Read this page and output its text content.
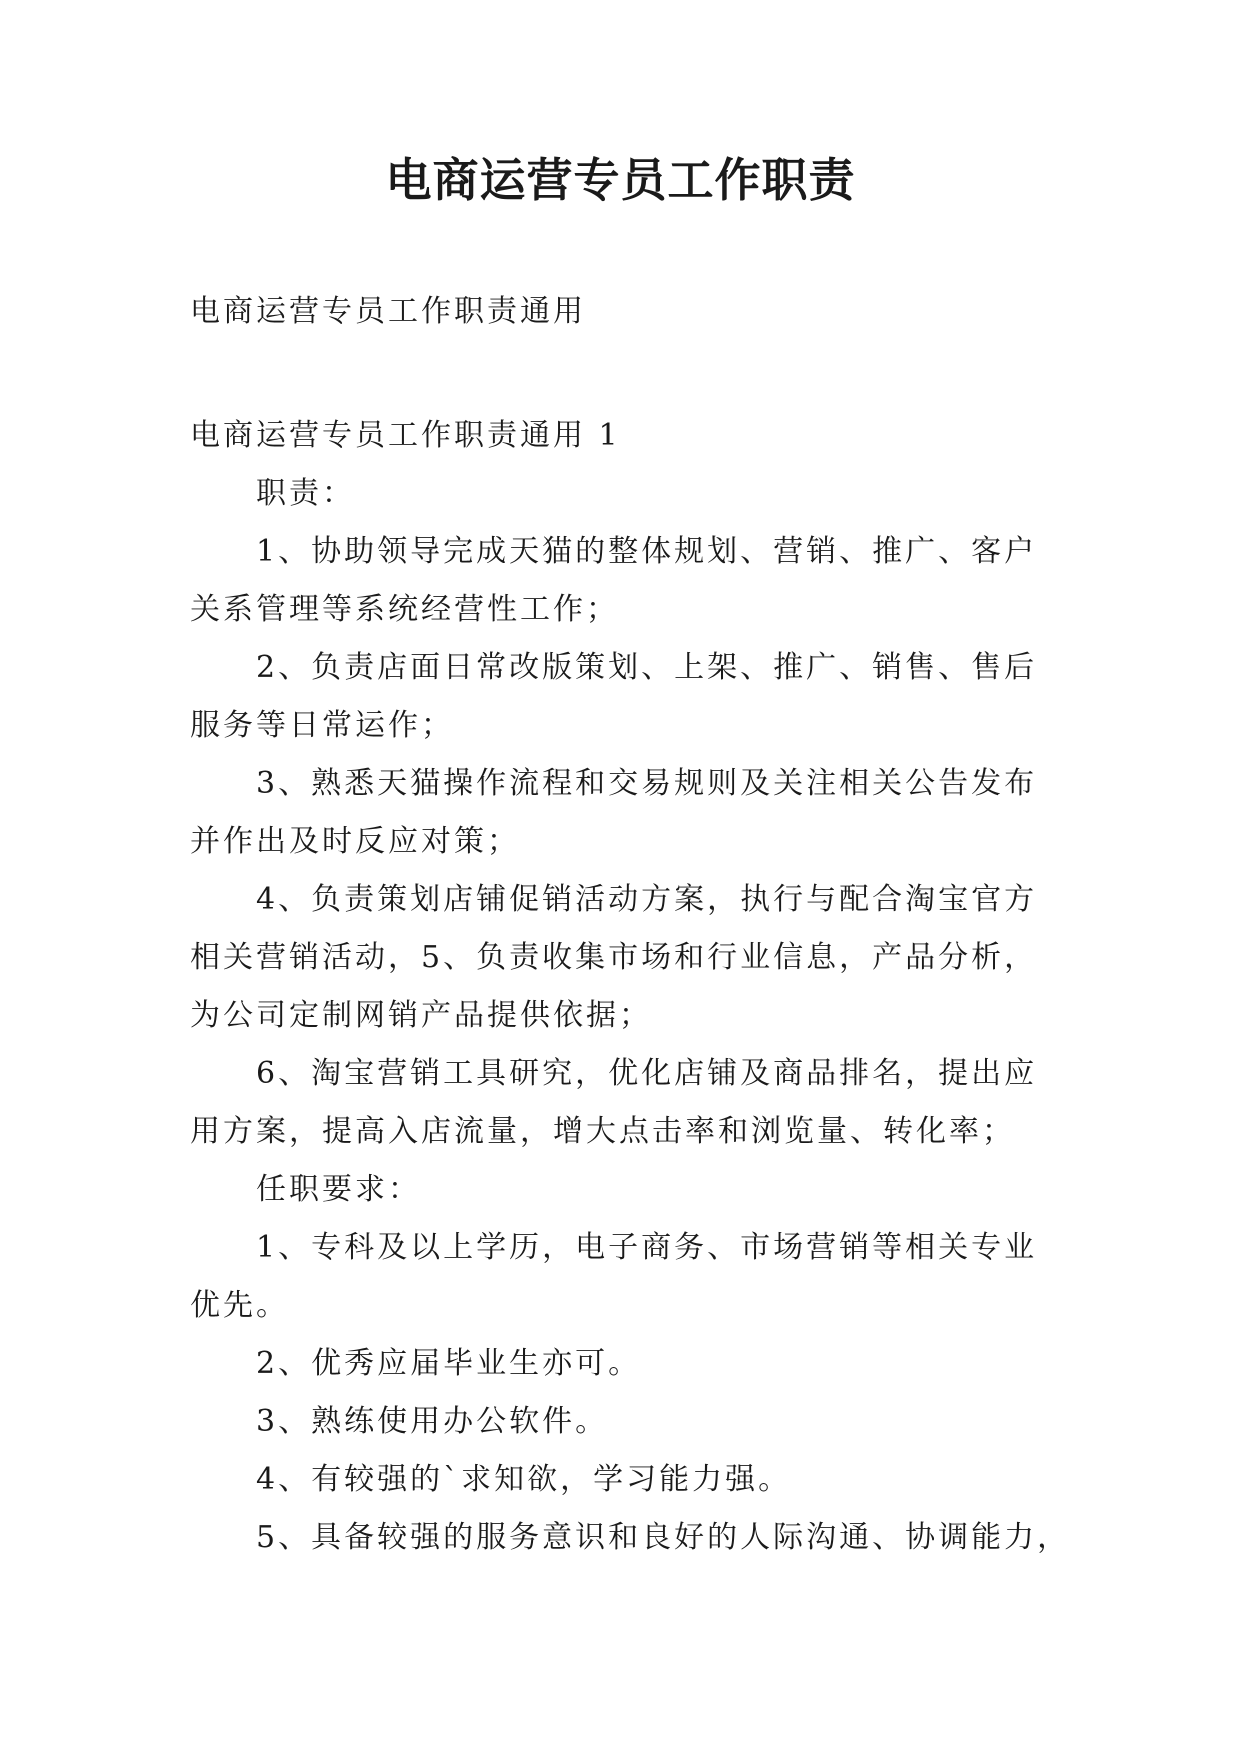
电商运营专员工作职责

电商运营专员工作职责通用

电商运营专员工作职责通用 1

职责：

1、协助领导完成天猫的整体规划、营销、推广、客户

关系管理等系统经营性工作；

2、负责店面日常改版策划、上架、推广、销售、售后

服务等日常运作；

3、熟悉天猫操作流程和交易规则及关注相关公告发布

并作出及时反应对策；

4、负责策划店铺促销活动方案，执行与配合淘宝官方

相关营销活动，5、负责收集市场和行业信息，产品分析，

为公司定制网销产品提供依据；

6、淘宝营销工具研究，优化店铺及商品排名，提出应

用方案，提高入店流量，增大点击率和浏览量、转化率；

任职要求：

1、专科及以上学历，电子商务、市场营销等相关专业

优先。

2、优秀应届毕业生亦可。

3、熟练使用办公软件。

4、有较强的`求知欲，学习能力强。

5、具备较强的服务意识和良好的人际沟通、协调能力，
